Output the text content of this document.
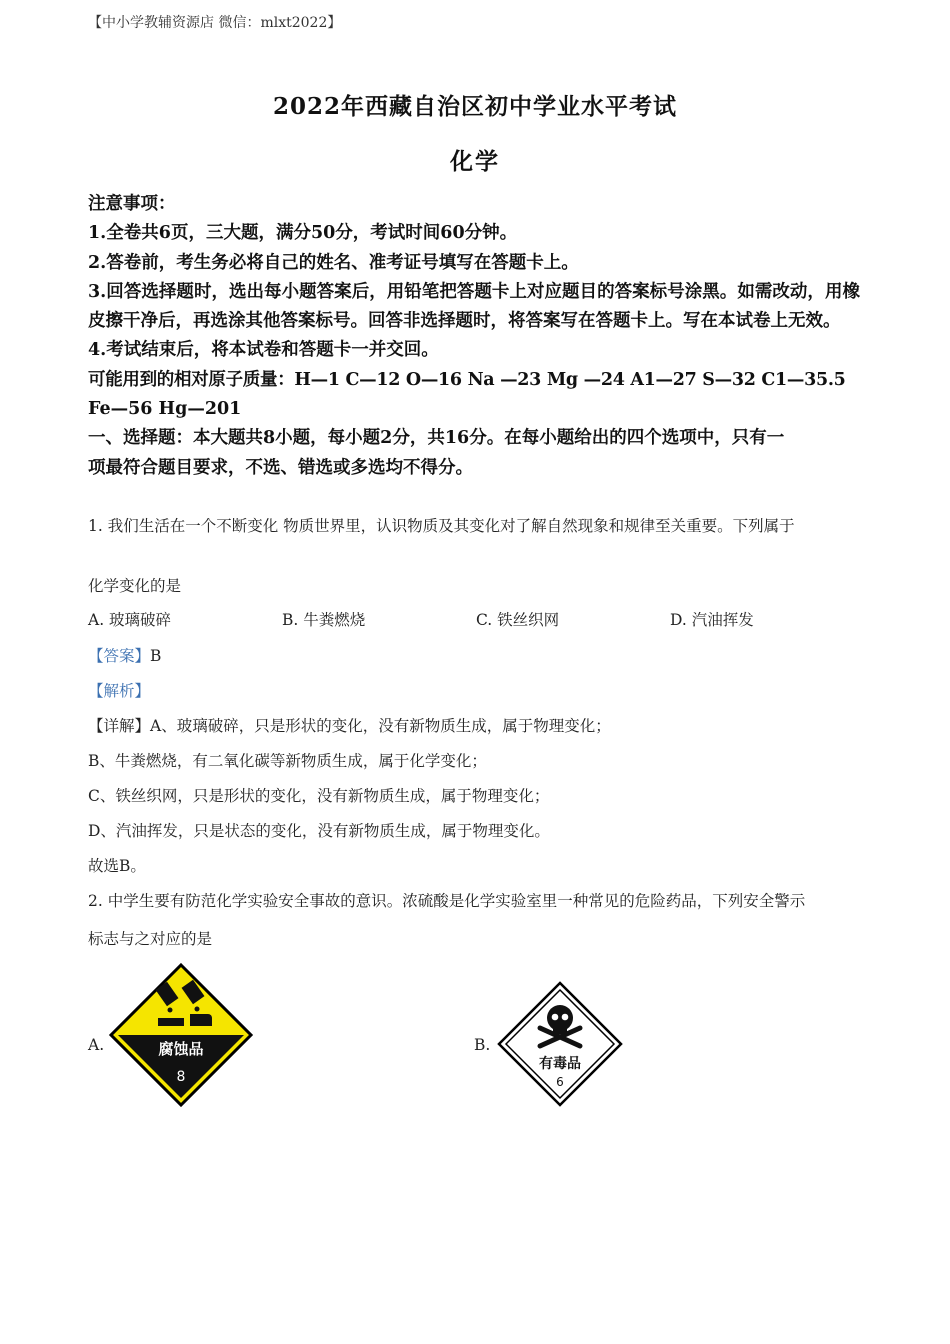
【中小学教辅资源店 微信：mlxt2022】
2022年西藏自治区初中学业水平考试
化学
注意事项：
1.全卷共6页，三大题，满分50分，考试时间60分钟。
2.答卷前，考生务必将自己的姓名、准考证号填写在答题卡上。
3.回答选择题时，选出每小题答案后，用铅笔把答题卡上对应题目的答案标号涂黑。如需改动，用橡皮擦干净后，再选涂其他答案标号。回答非选择题时，将答案写在答题卡上。写在本试卷上无效。
4.考试结束后，将本试卷和答题卡一并交回。
可能用到的相对原子质量：H—1 C—12 O—16 Na —23 Mg —24 A1—27 S—32 C1—35.5
Fe—56 Hg—201
一、选择题：本大题共8小题，每小题2分，共16分。在每小题给出的四个选项中，只有一
项最符合题目要求，不选、错选或多选均不得分。
1. 我们生活在一个不断变化 物质世界里，认识物质及其变化对了解自然现象和规律至关重要。下列属于
化学变化的是
A. 玻璃破碎	B. 牛粪燃烧	C. 铁丝织网	D. 汽油挥发
【答案】B
【解析】
【详解】A、玻璃破碎，只是形状的变化，没有新物质生成，属于物理变化；
B、牛粪燃烧，有二氧化碳等新物质生成，属于化学变化；
C、铁丝织网，只是形状的变化，没有新物质生成，属于物理变化；
D、汽油挥发，只是状态的变化，没有新物质生成，属于物理变化。
故选B。
2. 中学生要有防范化学实验安全事故的意识。浓硫酸是化学实验室里一种常见的危险药品，下列安全警示
标志与之对应的是
A.	B.
腐蚀品
8
有毒品
6
